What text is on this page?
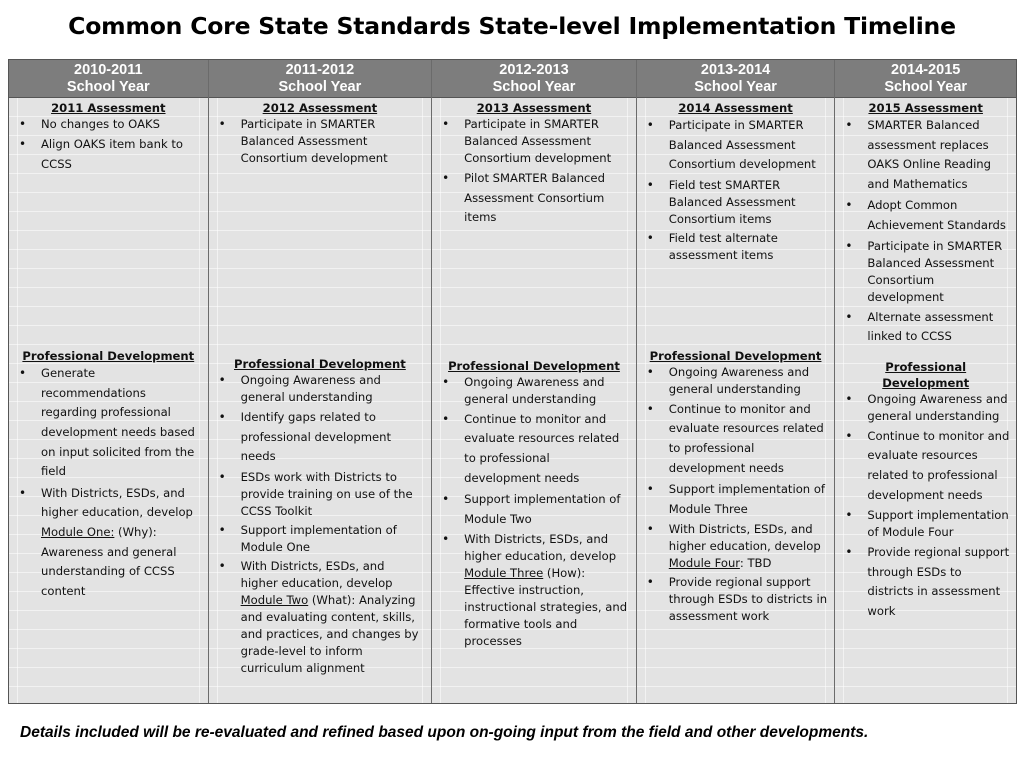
Common Core State Standards State-level Implementation Timeline
2010-2011
School Year
2011 Assessment
• No changes to OAKS
• Align OAKS item bank to CCSS
Professional Development
• Generate recommendations regarding professional development needs based on input solicited from the field
• With Districts, ESDs, and higher education, develop Module One: (Why): Awareness and general understanding of CCSS content
2011-2012
School Year
2012 Assessment
• Participate in SMARTER Balanced Assessment Consortium development
Professional Development
• Ongoing Awareness and general understanding
• Identify gaps related to professional development needs
• ESDs work with Districts to provide training on use of the CCSS Toolkit
• Support implementation of Module One
• With Districts, ESDs, and higher education, develop Module Two (What): Analyzing and evaluating content, skills, and practices, and changes by grade-level to inform curriculum alignment
2012-2013
School Year
2013 Assessment
• Participate in SMARTER Balanced Assessment Consortium development
• Pilot SMARTER Balanced Assessment Consortium items
Professional Development
• Ongoing Awareness and general understanding
• Continue to monitor and evaluate resources related to professional development needs
• Support implementation of Module Two
• With Districts, ESDs, and higher education, develop Module Three (How): Effective instruction, instructional strategies, and formative tools and processes
2013-2014
School Year
2014 Assessment
• Participate in SMARTER Balanced Assessment Consortium development
• Field test SMARTER Balanced Assessment Consortium items
• Field test alternate assessment items
Professional Development
• Ongoing Awareness and general understanding
• Continue to monitor and evaluate resources related to professional development needs
• Support implementation of Module Three
• With Districts, ESDs, and higher education, develop Module Four: TBD
• Provide regional support through ESDs to districts in assessment work
2014-2015
School Year
2015 Assessment
• SMARTER Balanced assessment replaces OAKS Online Reading and Mathematics
• Adopt Common Achievement Standards
• Participate in SMARTER Balanced Assessment Consortium development
• Alternate assessment linked to CCSS
Professional Development
• Ongoing Awareness and general understanding
• Continue to monitor and evaluate resources related to professional development needs
• Support implementation of Module Four
• Provide regional support through ESDs to districts in assessment work
Details included will be re-evaluated and refined based upon on-going input from the field and other developments.
